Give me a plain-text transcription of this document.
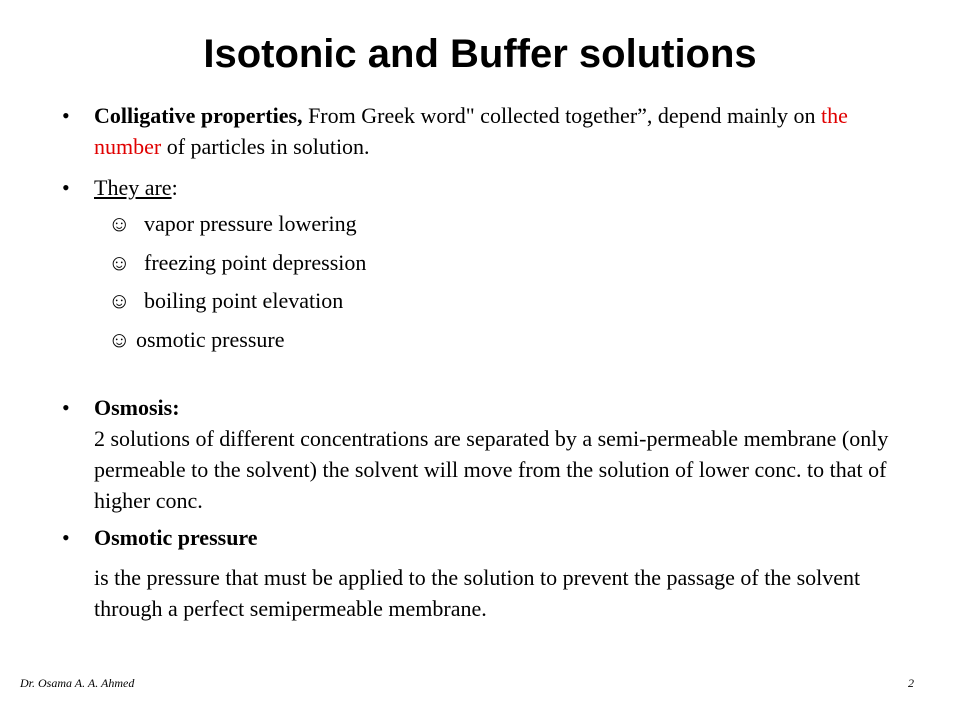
Isotonic and Buffer solutions
• Colligative properties, From Greek word" collected together”, depend mainly on the number of particles in solution.
• They are:
☺ vapor pressure lowering
☺ freezing point depression
☺ boiling point elevation
☺ osmotic pressure
• Osmosis:
2 solutions of different concentrations are separated by a semi-permeable membrane (only permeable to the solvent) the solvent will move from the solution of lower conc. to that of higher conc.
• Osmotic pressure
is the pressure that must be applied to the solution to prevent the passage of the solvent through a perfect semipermeable membrane.
Dr. Osama A. A. Ahmed	2
